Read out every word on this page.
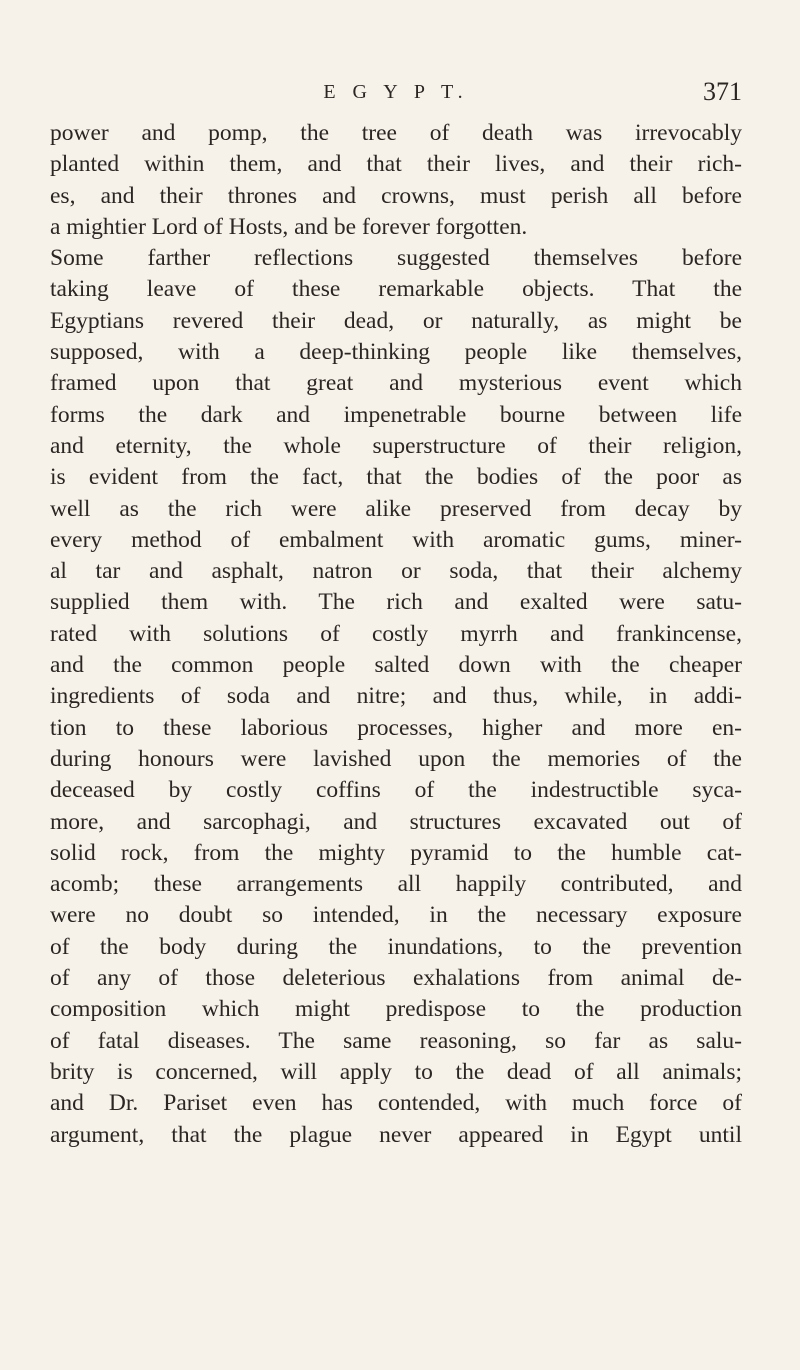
E G Y P T.	371
power and pomp, the tree of death was irrevocably
planted within them, and that their lives, and their rich-
es, and their thrones and crowns, must perish all before
a mightier Lord of Hosts, and be forever forgotten.
Some farther reflections suggested themselves before
taking leave of these remarkable objects. That the
Egyptians revered their dead, or naturally, as might be
supposed, with a deep-thinking people like themselves,
framed upon that great and mysterious event which
forms the dark and impenetrable bourne between life
and eternity, the whole superstructure of their religion,
is evident from the fact, that the bodies of the poor as
well as the rich were alike preserved from decay by
every method of embalment with aromatic gums, miner-
al tar and asphalt, natron or soda, that their alchemy
supplied them with. The rich and exalted were satu-
rated with solutions of costly myrrh and frankincense,
and the common people salted down with the cheaper
ingredients of soda and nitre; and thus, while, in addi-
tion to these laborious processes, higher and more en-
during honours were lavished upon the memories of the
deceased by costly coffins of the indestructible syca-
more, and sarcophagi, and structures excavated out of
solid rock, from the mighty pyramid to the humble cat-
acomb; these arrangements all happily contributed, and
were no doubt so intended, in the necessary exposure
of the body during the inundations, to the prevention
of any of those deleterious exhalations from animal de-
composition which might predispose to the production
of fatal diseases. The same reasoning, so far as salu-
brity is concerned, will apply to the dead of all animals;
and Dr. Pariset even has contended, with much force of
argument, that the plague never appeared in Egypt until
